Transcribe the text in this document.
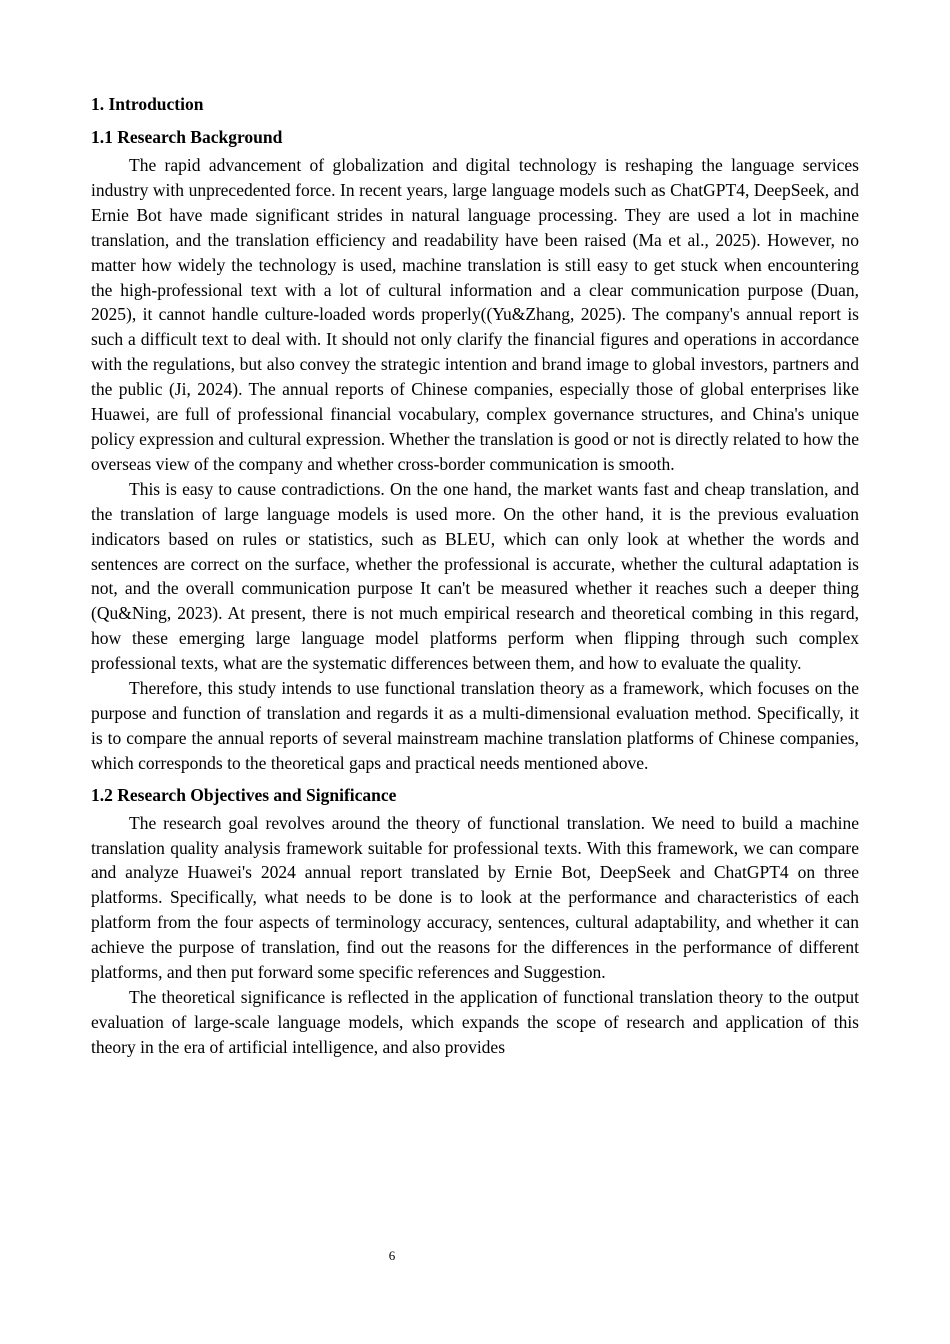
1. Introduction
1.1 Research Background

The rapid advancement of globalization and digital technology is reshaping the language services industry with unprecedented force. In recent years, large language models such as ChatGPT4, DeepSeek, and Ernie Bot have made significant strides in natural language processing. They are used a lot in machine translation, and the translation efficiency and readability have been raised (Ma et al., 2025). However, no matter how widely the technology is used, machine translation is still easy to get stuck when encountering the high-professional text with a lot of cultural information and a clear communication purpose (Duan, 2025), it cannot handle culture-loaded words properly((Yu&Zhang, 2025). The company's annual report is such a difficult text to deal with. It should not only clarify the financial figures and operations in accordance with the regulations, but also convey the strategic intention and brand image to global investors, partners and the public (Ji, 2024). The annual reports of Chinese companies, especially those of global enterprises like Huawei, are full of professional financial vocabulary, complex governance structures, and China's unique policy expression and cultural expression. Whether the translation is good or not is directly related to how the overseas view of the company and whether cross-border communication is smooth.

This is easy to cause contradictions. On the one hand, the market wants fast and cheap translation, and the translation of large language models is used more. On the other hand, it is the previous evaluation indicators based on rules or statistics, such as BLEU, which can only look at whether the words and sentences are correct on the surface, whether the professional is accurate, whether the cultural adaptation is not, and the overall communication purpose It can't be measured whether it reaches such a deeper thing (Qu&Ning, 2023). At present, there is not much empirical research and theoretical combing in this regard, how these emerging large language model platforms perform when flipping through such complex professional texts, what are the systematic differences between them, and how to evaluate the quality.

Therefore, this study intends to use functional translation theory as a framework, which focuses on the purpose and function of translation and regards it as a multi-dimensional evaluation method. Specifically, it is to compare the annual reports of several mainstream machine translation platforms of Chinese companies, which corresponds to the theoretical gaps and practical needs mentioned above.

1.2 Research Objectives and Significance

The research goal revolves around the theory of functional translation. We need to build a machine translation quality analysis framework suitable for professional texts. With this framework, we can compare and analyze Huawei's 2024 annual report translated by Ernie Bot, DeepSeek and ChatGPT4 on three platforms. Specifically, what needs to be done is to look at the performance and characteristics of each platform from the four aspects of terminology accuracy, sentences, cultural adaptability, and whether it can achieve the purpose of translation, find out the reasons for the differences in the performance of different platforms, and then put forward some specific references and Suggestion.

The theoretical significance is reflected in the application of functional translation theory to the output evaluation of large-scale language models, which expands the scope of research and application of this theory in the era of artificial intelligence, and also provides

6
